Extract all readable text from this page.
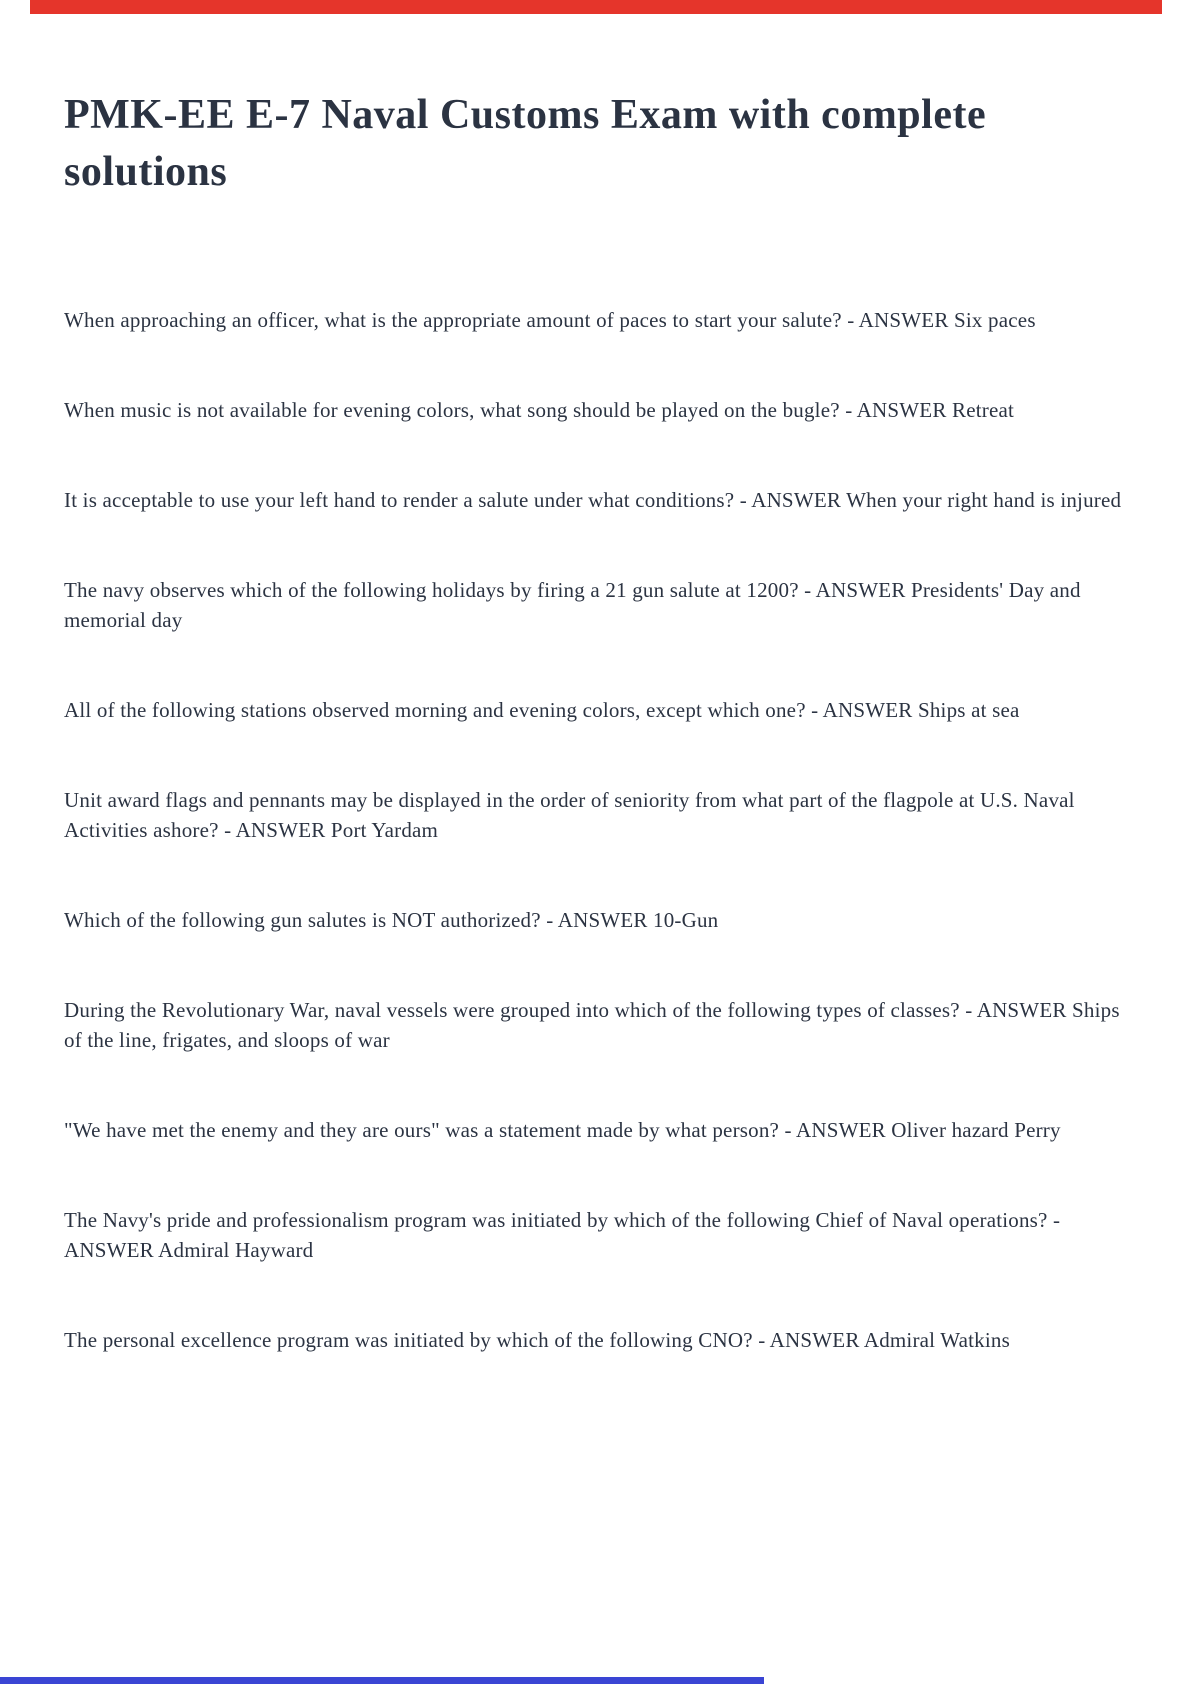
PMK-EE E-7 Naval Customs Exam with complete solutions

When approaching an officer, what is the appropriate amount of paces to start your salute? - ANSWER Six paces

When music is not available for evening colors, what song should be played on the bugle? - ANSWER Retreat

It is acceptable to use your left hand to render a salute under what conditions? - ANSWER When your right hand is injured

The navy observes which of the following holidays by firing a 21 gun salute at 1200? - ANSWER Presidents' Day and memorial day

All of the following stations observed morning and evening colors, except which one? - ANSWER Ships at sea

Unit award flags and pennants may be displayed in the order of seniority from what part of the flagpole at U.S. Naval Activities ashore? - ANSWER Port Yardam

Which of the following gun salutes is NOT authorized? - ANSWER 10-Gun

During the Revolutionary War, naval vessels were grouped into which of the following types of classes? - ANSWER Ships of the line, frigates, and sloops of war

"We have met the enemy and they are ours" was a statement made by what person? - ANSWER Oliver hazard Perry

The Navy's pride and professionalism program was initiated by which of the following Chief of Naval operations? - ANSWER Admiral Hayward

The personal excellence program was initiated by which of the following CNO? - ANSWER Admiral Watkins
